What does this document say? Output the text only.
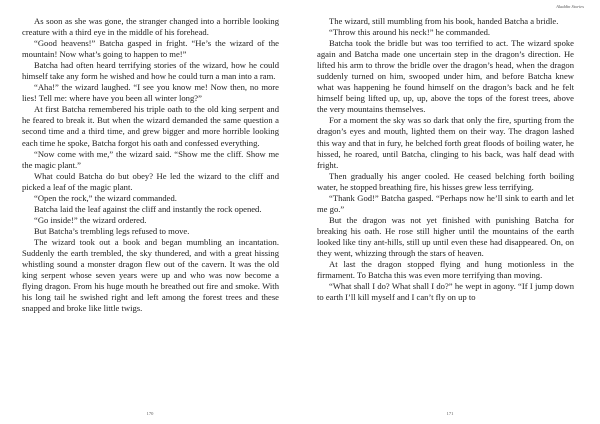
As soon as she was gone, the stranger changed into a horrible looking creature with a third eye in the middle of his forehead.

“Good heavens!” Batcha gasped in fright. “He’s the wizard of the mountain! Now what’s going to happen to me!”

Batcha had often heard terrifying stories of the wizard, how he could himself take any form he wished and how he could turn a man into a ram.

“Aha!” the wizard laughed. “I see you know me! Now then, no more lies! Tell me: where have you been all winter long?”

At first Batcha remembered his triple oath to the old king serpent and he feared to break it. But when the wizard demanded the same question a second time and a third time, and grew bigger and more horrible looking each time he spoke, Batcha forgot his oath and confessed everything.

“Now come with me,” the wizard said. “Show me the cliff. Show me the magic plant.”

What could Batcha do but obey? He led the wizard to the cliff and picked a leaf of the magic plant.

“Open the rock,” the wizard commanded.

Batcha laid the leaf against the cliff and instantly the rock opened.

“Go inside!” the wizard ordered.

But Batcha’s trembling legs refused to move.

The wizard took out a book and began mumbling an incantation. Suddenly the earth trembled, the sky thundered, and with a great hissing whistling sound a monster dragon flew out of the cavern. It was the old king serpent whose seven years were up and who was now become a flying dragon. From his huge mouth he breathed out fire and smoke. With his long tail he swished right and left among the forest trees and these snapped and broke like little twigs.

170
Aladdin Stories

The wizard, still mumbling from his book, handed Batcha a bridle.

“Throw this around his neck!” he commanded.

Batcha took the bridle but was too terrified to act. The wizard spoke again and Batcha made one uncertain step in the dragon’s direction. He lifted his arm to throw the bridle over the dragon’s head, when the dragon suddenly turned on him, swooped under him, and before Batcha knew what was happening he found himself on the dragon’s back and he felt himself being lifted up, up, up, above the tops of the forest trees, above the very mountains themselves.

For a moment the sky was so dark that only the fire, spurting from the dragon’s eyes and mouth, lighted them on their way. The dragon lashed this way and that in fury, he belched forth great floods of boiling water, he hissed, he roared, until Batcha, clinging to his back, was half dead with fright.

Then gradually his anger cooled. He ceased belching forth boiling water, he stopped breathing fire, his hisses grew less terrifying.

“Thank God!” Batcha gasped. “Perhaps now he’ll sink to earth and let me go.”

But the dragon was not yet finished with punishing Batcha for breaking his oath. He rose still higher until the mountains of the earth looked like tiny ant-hills, still up until even these had disappeared. On, on they went, whizzing through the stars of heaven.

At last the dragon stopped flying and hung motionless in the firmament. To Batcha this was even more terrifying than moving.

“What shall I do? What shall I do?” he wept in agony. “If I jump down to earth I’ll kill myself and I can’t fly on up to

171
